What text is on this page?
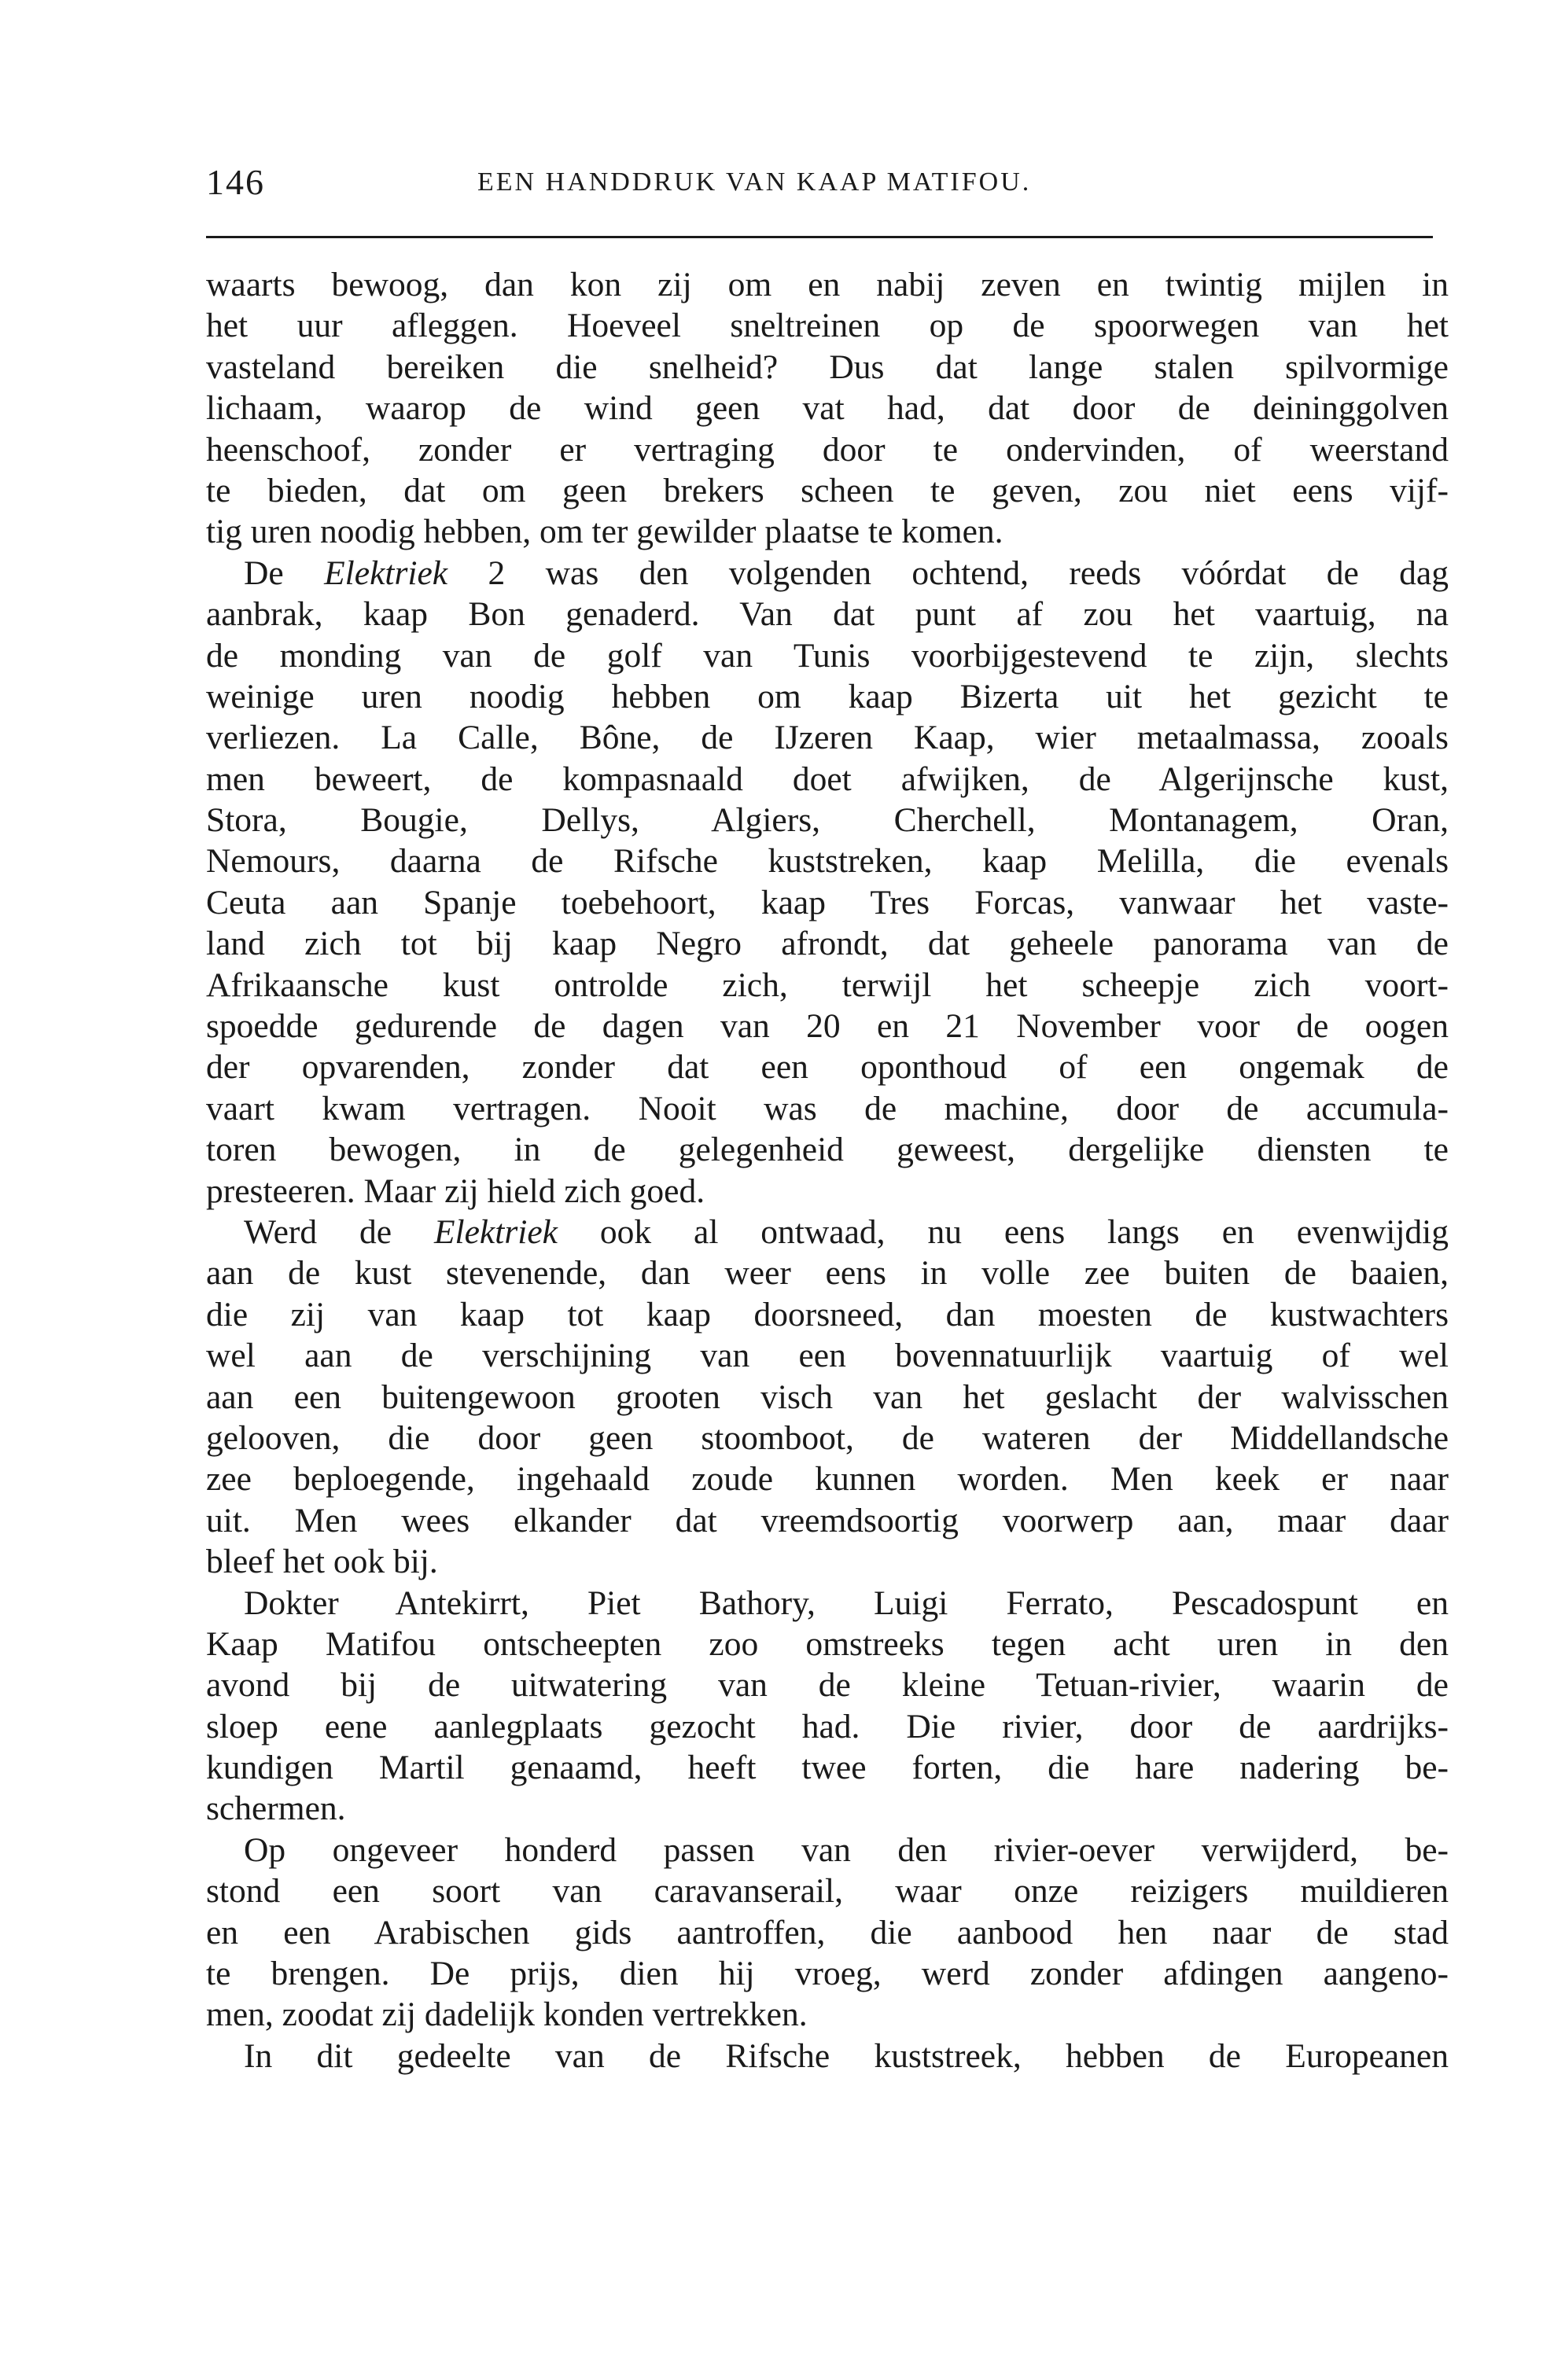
146	EEN HANDDRUK VAN KAAP MATIFOU.
waarts bewoog, dan kon zij om en nabij zeven en twintig mijlen in
het uur afleggen. Hoeveel sneltreinen op de spoorwegen van het
vasteland bereiken die snelheid? Dus dat lange stalen spilvormige
lichaam, waarop de wind geen vat had, dat door de deininggolven
heenschoof, zonder er vertraging door te ondervinden, of weerstand
te bieden, dat om geen brekers scheen te geven, zou niet eens vijf-
tig uren noodig hebben, om ter gewilder plaatse te komen.
De Elektriek 2 was den volgenden ochtend, reeds vóórdat de dag
aanbrak, kaap Bon genaderd. Van dat punt af zou het vaartuig, na
de monding van de golf van Tunis voorbijgestevend te zijn, slechts
weinige uren noodig hebben om kaap Bizerta uit het gezicht te
verliezen. La Calle, Bône, de IJzeren Kaap, wier metaalmassa, zooals
men beweert, de kompasnaald doet afwijken, de Algerijnsche kust,
Stora, Bougie, Dellys, Algiers, Cherchell, Montanagem, Oran,
Nemours, daarna de Rifsche kuststreken, kaap Melilla, die evenals
Ceuta aan Spanje toebehoort, kaap Tres Forcas, vanwaar het vaste-
land zich tot bij kaap Negro afrondt, dat geheele panorama van de
Afrikaansche kust ontrolde zich, terwijl het scheepje zich voort-
spoedde gedurende de dagen van 20 en 21 November voor de oogen
der opvarenden, zonder dat een oponthoud of een ongemak de
vaart kwam vertragen. Nooit was de machine, door de accumula-
toren bewogen, in de gelegenheid geweest, dergelijke diensten te
presteeren. Maar zij hield zich goed.
Werd de Elektriek ook al ontwaad, nu eens langs en evenwijdig
aan de kust stevenende, dan weer eens in volle zee buiten de baaien,
die zij van kaap tot kaap doorsneed, dan moesten de kustwachters
wel aan de verschijning van een bovennatuurlijk vaartuig of wel
aan een buitengewoon grooten visch van het geslacht der walvisschen
gelooven, die door geen stoomboot, de wateren der Middellandsche
zee beploegende, ingehaald zoude kunnen worden. Men keek er naar
uit. Men wees elkander dat vreemdsoortig voorwerp aan, maar daar
bleef het ook bij.
Dokter Antekirrt, Piet Bathory, Luigi Ferrato, Pescadospunt en
Kaap Matifou ontscheepten zoo omstreeks tegen acht uren in den
avond bij de uitwatering van de kleine Tetuan-rivier, waarin de
sloep eene aanlegplaats gezocht had. Die rivier, door de aardrijks-
kundigen Martil genaamd, heeft twee forten, die hare nadering be-
schermen.
Op ongeveer honderd passen van den rivier-oever verwijderd, be-
stond een soort van caravanserail, waar onze reizigers muildieren
en een Arabischen gids aantroffen, die aanbood hen naar de stad
te brengen. De prijs, dien hij vroeg, werd zonder afdingen aangeno-
men, zoodat zij dadelijk konden vertrekken.
In dit gedeelte van de Rifsche kuststreek, hebben de Europeanen
